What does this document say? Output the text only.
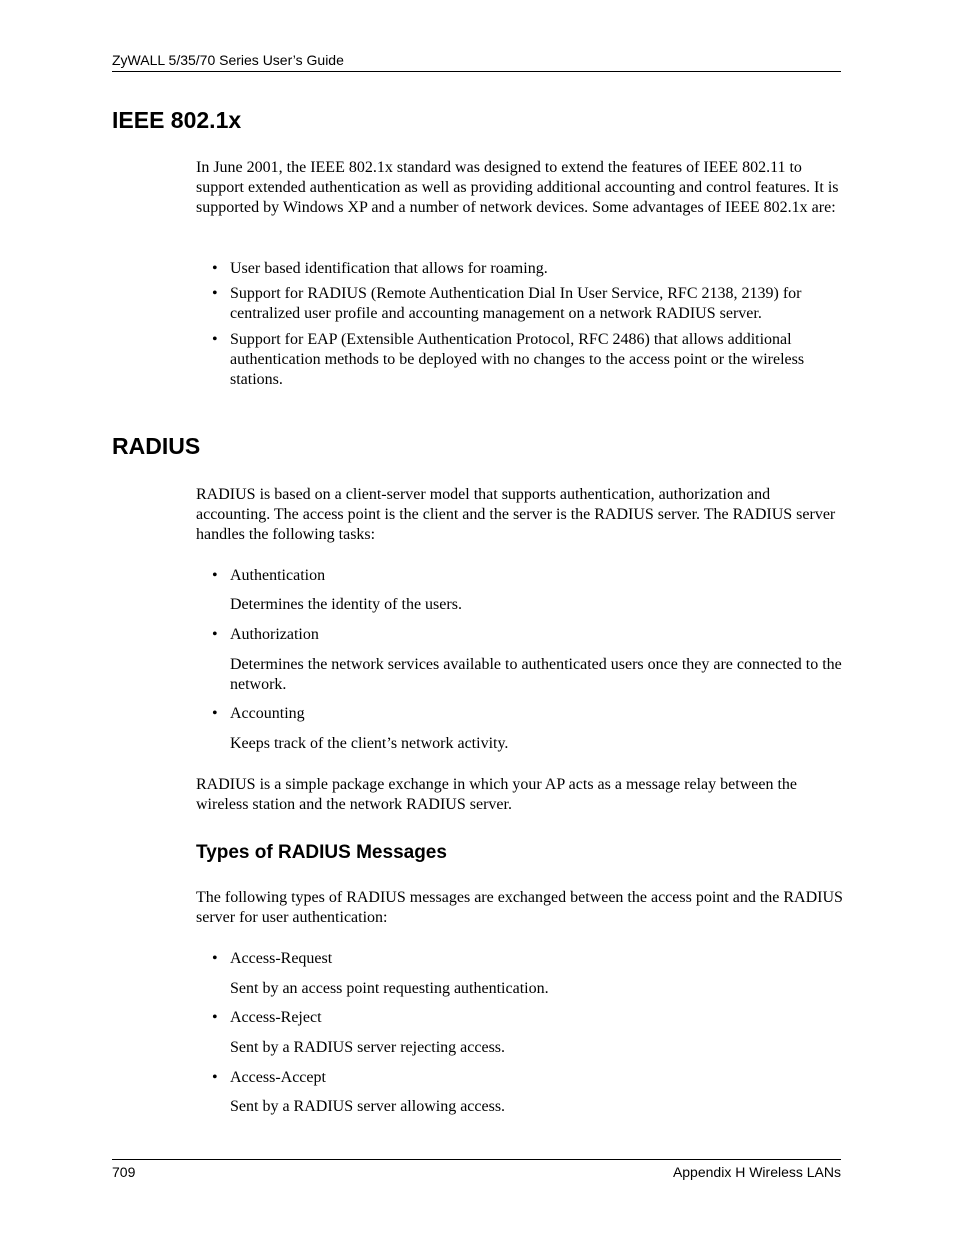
ZyWALL 5/35/70 Series User’s Guide
IEEE 802.1x

In June 2001, the IEEE 802.1x standard was designed to extend the features of IEEE 802.11 to support extended authentication as well as providing additional accounting and control features. It is supported by Windows XP and a number of network devices. Some advantages of IEEE 802.1x are:

• User based identification that allows for roaming.
• Support for RADIUS (Remote Authentication Dial In User Service, RFC 2138, 2139) for centralized user profile and accounting management on a network RADIUS server.
• Support for EAP (Extensible Authentication Protocol, RFC 2486) that allows additional authentication methods to be deployed with no changes to the access point or the wireless stations.
RADIUS

RADIUS is based on a client-server model that supports authentication, authorization and accounting. The access point is the client and the server is the RADIUS server. The RADIUS server handles the following tasks:

• Authentication
Determines the identity of the users.
• Authorization
Determines the network services available to authenticated users once they are connected to the network.
• Accounting
Keeps track of the client’s network activity.

RADIUS is a simple package exchange in which your AP acts as a message relay between the wireless station and the network RADIUS server.

Types of RADIUS Messages

The following types of RADIUS messages are exchanged between the access point and the RADIUS server for user authentication:

• Access-Request
Sent by an access point requesting authentication.
• Access-Reject
Sent by a RADIUS server rejecting access.
• Access-Accept
Sent by a RADIUS server allowing access.
709	Appendix H Wireless LANs
